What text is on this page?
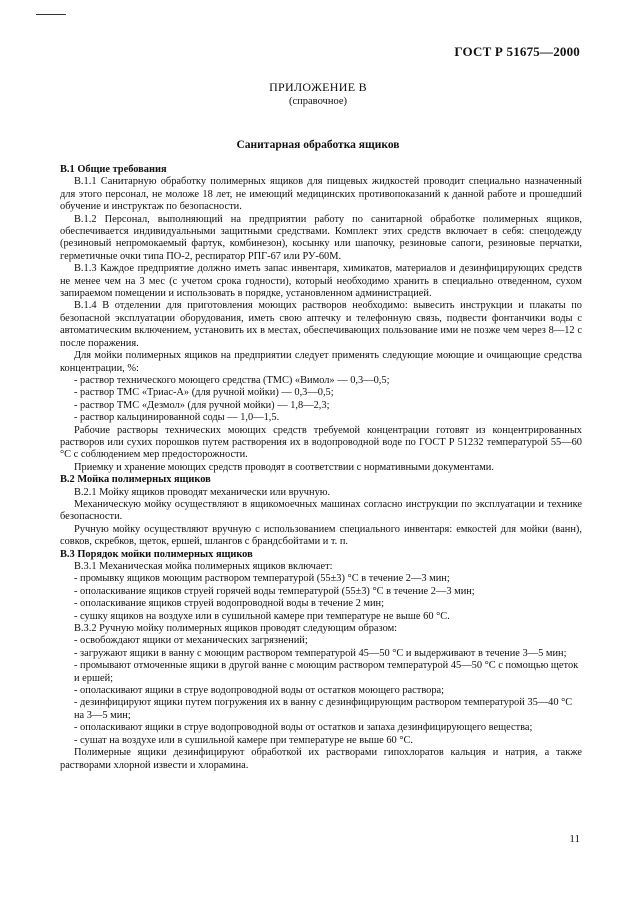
ГОСТ Р 51675—2000
ПРИЛОЖЕНИЕ В
(справочное)
Санитарная обработка ящиков

В.1 Общие требования

В.1.1 Санитарную обработку полимерных ящиков для пищевых жидкостей проводит специально назначенный для этого персонал, не моложе 18 лет, не имеющий медицинских противопоказаний к данной работе и прошедший обучение и инструктаж по безопасности.

В.1.2 Персонал, выполняющий на предприятии работу по санитарной обработке полимерных ящиков, обеспечивается индивидуальными защитными средствами. Комплект этих средств включает в себя: спецодежду (резиновый непромокаемый фартук, комбинезон), косынку или шапочку, резиновые сапоги, резиновые перчатки, герметичные очки типа ПО-2, респиратор РПГ-67 или РУ-60М.

В.1.3 Каждое предприятие должно иметь запас инвентаря, химикатов, материалов и дезинфицирующих средств не менее чем на 3 мес (с учетом срока годности), который необходимо хранить в специально отведенном, сухом запираемом помещении и использовать в порядке, установленном администрацией.

В.1.4 В отделении для приготовления моющих растворов необходимо: вывесить инструкции и плакаты по безопасной эксплуатации оборудования, иметь свою аптечку и телефонную связь, подвести фонтанчики воды с автоматическим включением, установить их в местах, обеспечивающих пользование ими не позже чем через 8—12 с после поражения.

Для мойки полимерных ящиков на предприятии следует применять следующие моющие и очищающие средства концентрации, %:

- раствор технического моющего средства (ТМС) «Вимол» — 0,3—0,5;

- раствор ТМС «Триас-А» (для ручной мойки) — 0,3—0,5;

- раствор ТМС «Дезмол» (для ручной мойки) — 1,8—2,3;

- раствор кальцинированной соды — 1,0—1,5.

Рабочие растворы технических моющих средств требуемой концентрации готовят из концентрированных растворов или сухих порошков путем растворения их в водопроводной воде по ГОСТ Р 51232 температурой 55—60 °С с соблюдением мер предосторожности.

Приемку и хранение моющих средств проводят в соответствии с нормативными документами.

В.2 Мойка полимерных ящиков

В.2.1 Мойку ящиков проводят механически или вручную.

Механическую мойку осуществляют в ящикомоечных машинах согласно инструкции по эксплуатации и технике безопасности.

Ручную мойку осуществляют вручную с использованием специального инвентаря: емкостей для мойки (ванн), совков, скребков, щеток, ершей, шлангов с брандсбойтами и т. п.

В.3 Порядок мойки полимерных ящиков

В.3.1 Механическая мойка полимерных ящиков включает:

- промывку ящиков моющим раствором температурой (55±3) °С в течение 2—3 мин;

- ополаскивание ящиков струей горячей воды температурой (55±3) °С в течение 2—3 мин;

- ополаскивание ящиков струей водопроводной воды в течение 2 мин;

- сушку ящиков на воздухе или в сушильной камере при температуре не выше 60 °С.

В.3.2 Ручную мойку полимерных ящиков проводят следующим образом:

- освобождают ящики от механических загрязнений;

- загружают ящики в ванну с моющим раствором температурой 45—50 °С и выдерживают в течение 3—5 мин;

- промывают отмоченные ящики в другой ванне с моющим раствором температурой 45—50 °С с помощью щеток и ершей;

- ополаскивают ящики в струе водопроводной воды от остатков моющего раствора;

- дезинфицируют ящики путем погружения их в ванну с дезинфицирующим раствором температурой 35—40 °С на 3—5 мин;

- ополаскивают ящики в струе водопроводной воды от остатков и запаха дезинфицирующего вещества;

- сушат на воздухе или в сушильной камере при температуре не выше 60 °С.

Полимерные ящики дезинфицируют обработкой их растворами гипохлоратов кальция и натрия, а также растворами хлорной извести и хлорамина.

11
